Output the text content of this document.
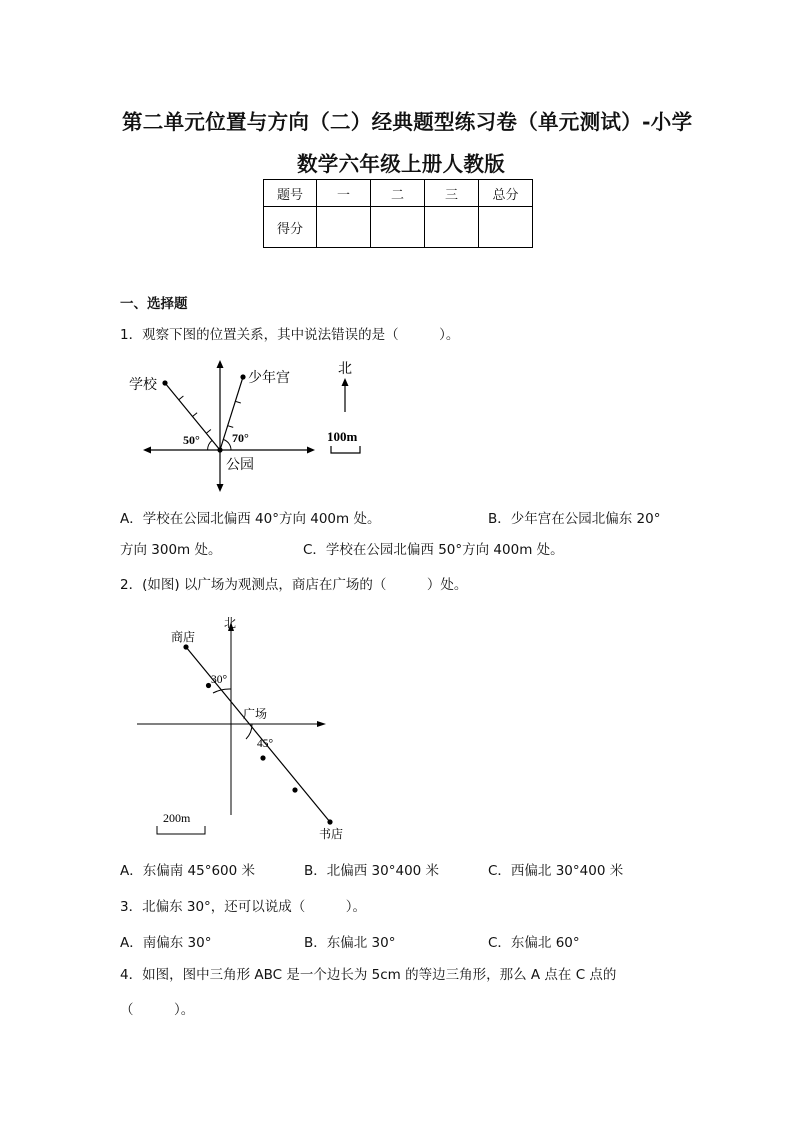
第二单元位置与方向（二）经典题型练习卷（单元测试）-小学
数学六年级上册人教版
题号	一	二	三	总分
得分				
一、选择题
1．观察下图的位置关系，其中说法错误的是（　　　）。
学校	少年宫
公园
50°	70°
北
100m
A．学校在公园北偏西 40°方向 400m 处。	B．少年宫在公园北偏东 20°
方向 300m 处。	C．学校在公园北偏西 50°方向 400m 处。
2．(如图) 以广场为观测点，商店在广场的（　　　）处。
北
商店
广场
书店
30°
45°
200m
A．东偏南 45°600 米	B．北偏西 30°400 米	C．西偏北 30°400 米
3．北偏东 30°，还可以说成（　　　）。
A．南偏东 30°	B．东偏北 30°	C．东偏北 60°
4．如图，图中三角形 ABC 是一个边长为 5cm 的等边三角形，那么 A 点在 C 点的
（　　　）。
